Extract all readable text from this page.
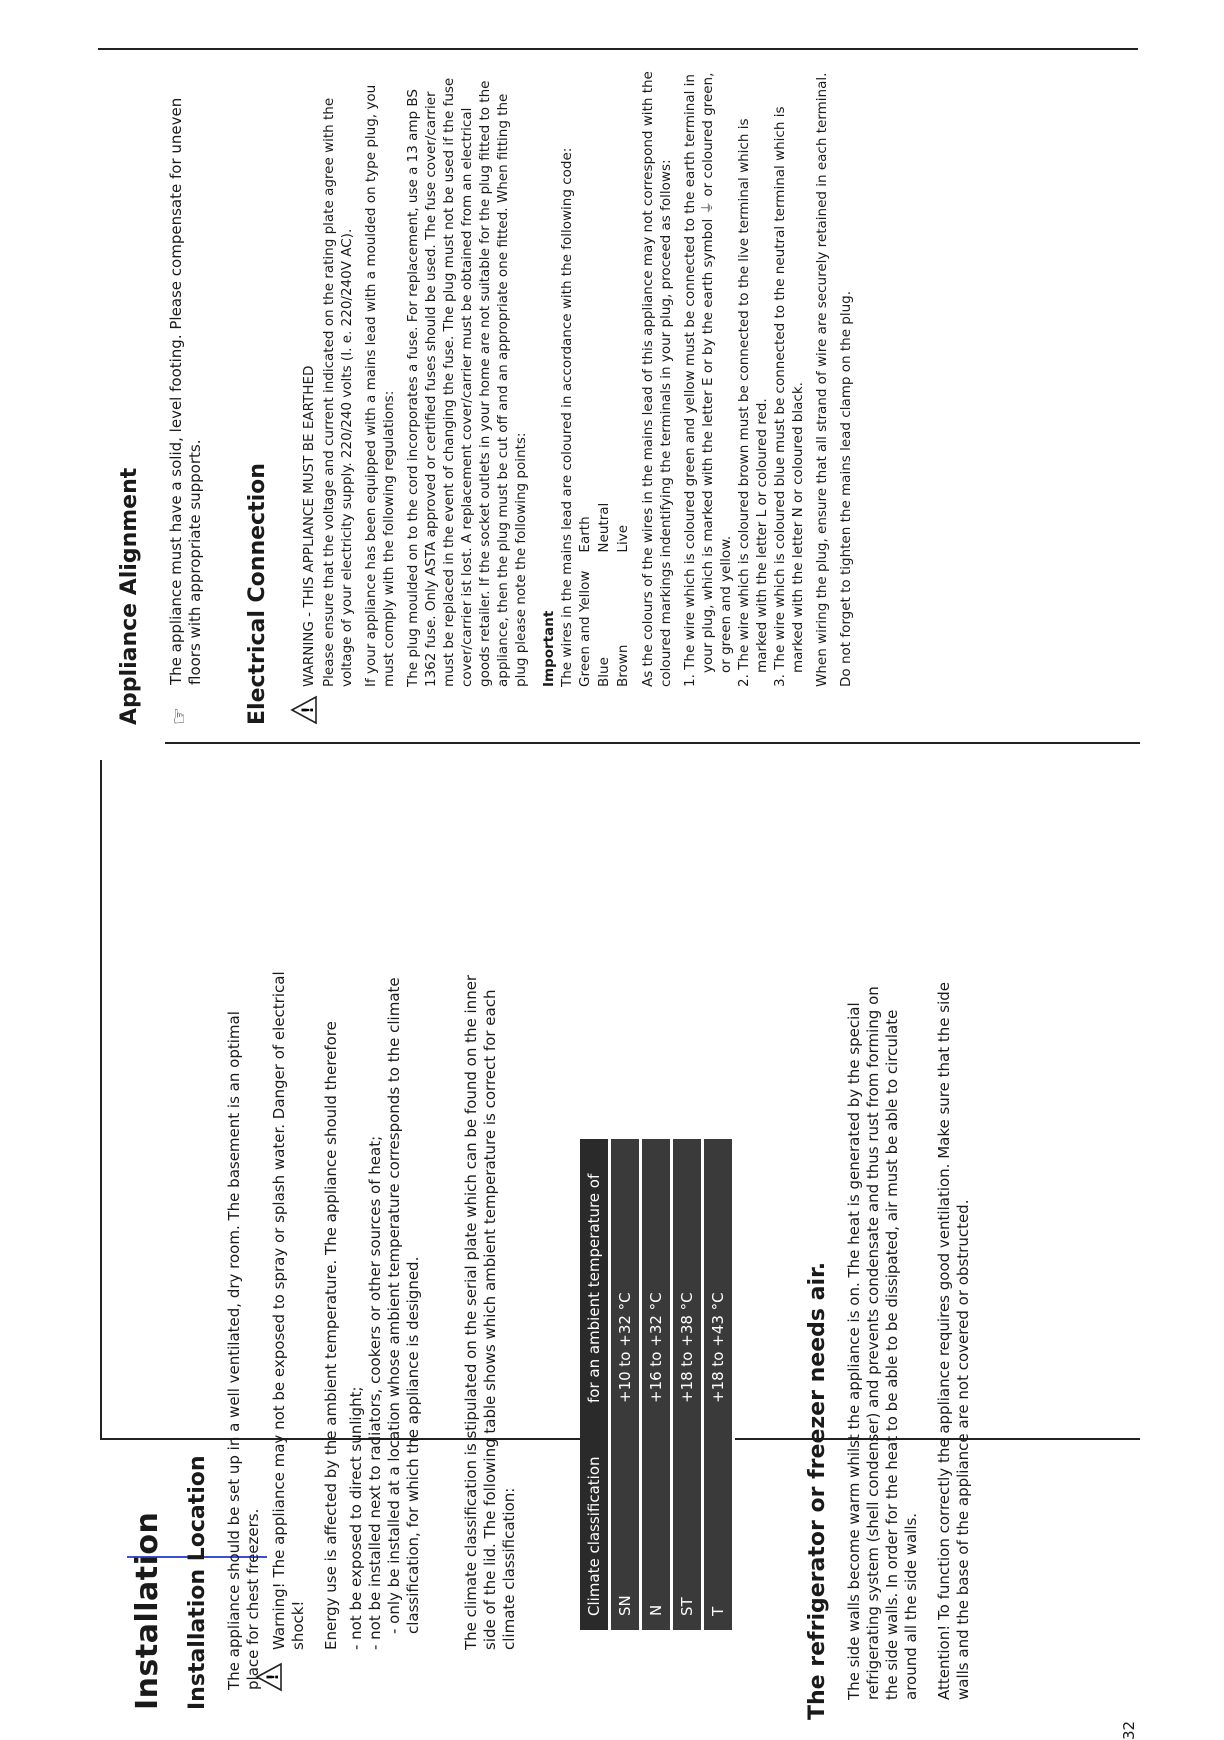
32
Installation Installation Location The appliance should be set up in a well ventilated, dry room. The basement is an optimal place for chest freezers. !
Warning! The appliance may not be exposed to spray or splash water. Danger of electrical shock! Energy use is affected by the ambient temperature. The appliance should therefore - not be exposed to direct sunlight; - not be installed next to radiators, cookers or other sources of heat; - only be installed at a location whose ambient temperature corresponds to the climate classification, for which the appliance is designed.	The climate classification is stipulated on the serial plate which can be found on the inner side of the lid. The following table shows which ambient temperature is correct for each climate classification:	Climate classification	for an ambient temperature of
SN	+10 to +32 °C
N	+16 to +32 °C
ST	+18 to +38 °C
T	+18 to +43 °C	The refrigerator or freezer needs air. The side walls become warm whilst the appliance is on. The heat is generated by the special refrigerating system (shell condenser) and prevents condensate and thus rust from forming on the side walls. In order for the heat to be able to be dissipated, air must be able to circulate around all the side walls. Attention! To function correctly the appliance requires good ventilation. Make sure that the side walls and the base of the appliance are not covered or obstructed.

Appliance Alignment ☞
The appliance must have a solid, level footing. Please compensate for uneven floors with appropriate supports. Electrical Connection !
WARNING - THIS APPLIANCE MUST BE EARTHED Please ensure that the voltage and current indicated on the rating plate agree with the voltage of your electricity supply. 220/240 volts (I. e. 220/240V AC). If your appliance has been equipped with a mains lead with a moulded on type plug, you must comply with the following regulations: The plug moulded on to the cord incorporates a fuse. For replacement, use a 13 amp BS 1362 fuse. Only ASTA approved or certified fuses should be used. The fuse cover/carrier must be replaced in the event of changing the fuse. The plug must not be used if the fuse cover/carrier ist lost. A replacement cover/carrier must be obtained from an electrical goods retailer. If the socket outlets in your home are not suitable for the plug fitted to the appliance, then the plug must be cut off and an appropriate one fitted. When fitting the plug please note the following points: Important The wires in the mains lead are coloured in accordance with the following code: Green and Yellow	Earth
Blue	Neutral
Brown	Live As the colours of the wires in the mains lead of this appliance may not correspond with the coloured markings indentifying the terminals in your plug, proceed as follows: 1. The wire which is coloured green and yellow must be connected to the earth terminal in your plug, which is marked with the letter E or by the earth symbol ⏚ or coloured green, or green and yellow. 2. The wire which is coloured brown must be connected to the live terminal which is marked with the letter L or coloured red. 3. The wire which is coloured blue must be connected to the neutral terminal which is marked with the letter N or coloured black. When wiring the plug, ensure that all strand of wire are securely retained in each terminal. Do not forget to tighten the mains lead clamp on the plug.
